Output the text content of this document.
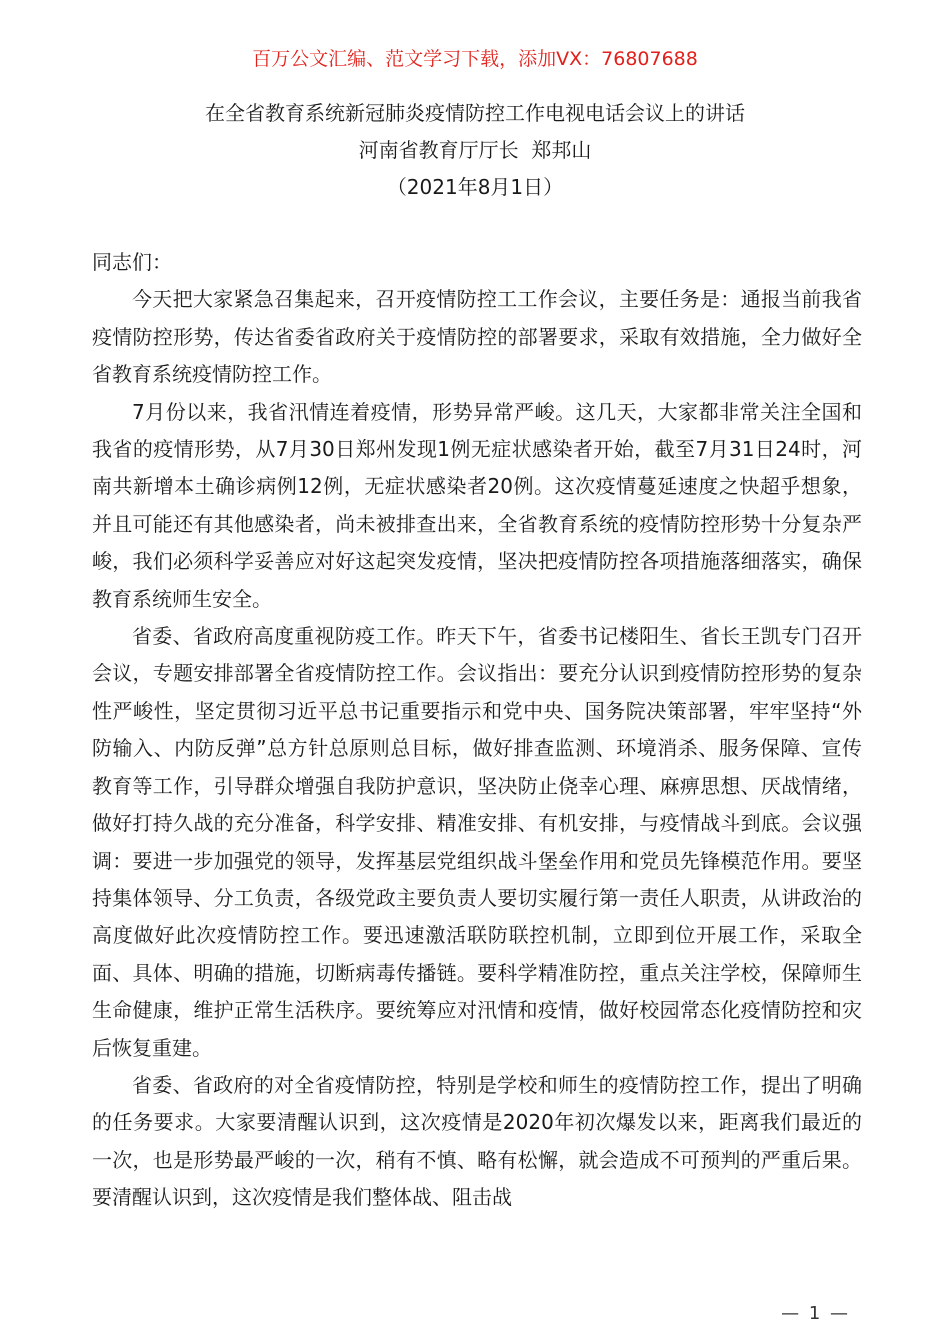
百万公文汇编、范文学习下载，添加VX：76807688
在全省教育系统新冠肺炎疫情防控工作电视电话会议上的讲话
河南省教育厅厅长  郑邦山
（2021年8月1日）

同志们：

今天把大家紧急召集起来，召开疫情防控工工作会议，主要任务是：通报当前我省疫情防控形势，传达省委省政府关于疫情防控的部署要求，采取有效措施，全力做好全省教育系统疫情防控工作。

7月份以来，我省汛情连着疫情，形势异常严峻。这几天，大家都非常关注全国和我省的疫情形势，从7月30日郑州发现1例无症状感染者开始，截至7月31日24时，河南共新增本土确诊病例12例，无症状感染者20例。这次疫情蔓延速度之快超乎想象，并且可能还有其他感染者，尚未被排查出来，全省教育系统的疫情防控形势十分复杂严峻，我们必须科学妥善应对好这起突发疫情，坚决把疫情防控各项措施落细落实，确保教育系统师生安全。

省委、省政府高度重视防疫工作。昨天下午，省委书记楼阳生、省长王凯专门召开会议，专题安排部署全省疫情防控工作。会议指出：要充分认识到疫情防控形势的复杂性严峻性，坚定贯彻习近平总书记重要指示和党中央、国务院决策部署，牢牢坚持“外防输入、内防反弹”总方针总原则总目标，做好排查监测、环境消杀、服务保障、宣传教育等工作，引导群众增强自我防护意识，坚决防止侥幸心理、麻痹思想、厌战情绪，做好打持久战的充分准备，科学安排、精准安排、有机安排，与疫情战斗到底。会议强调：要进一步加强党的领导，发挥基层党组织战斗堡垒作用和党员先锋模范作用。要坚持集体领导、分工负责，各级党政主要负责人要切实履行第一责任人职责，从讲政治的高度做好此次疫情防控工作。要迅速激活联防联控机制，立即到位开展工作，采取全面、具体、明确的措施，切断病毒传播链。要科学精准防控，重点关注学校，保障师生生命健康，维护正常生活秩序。要统筹应对汛情和疫情，做好校园常态化疫情防控和灾后恢复重建。

省委、省政府的对全省疫情防控，特别是学校和师生的疫情防控工作，提出了明确的任务要求。大家要清醒认识到，这次疫情是2020年初次爆发以来，距离我们最近的一次，也是形势最严峻的一次，稍有不慎、略有松懈，就会造成不可预判的严重后果。要清醒认识到，这次疫情是我们整体战、阻击战

— 1 —
